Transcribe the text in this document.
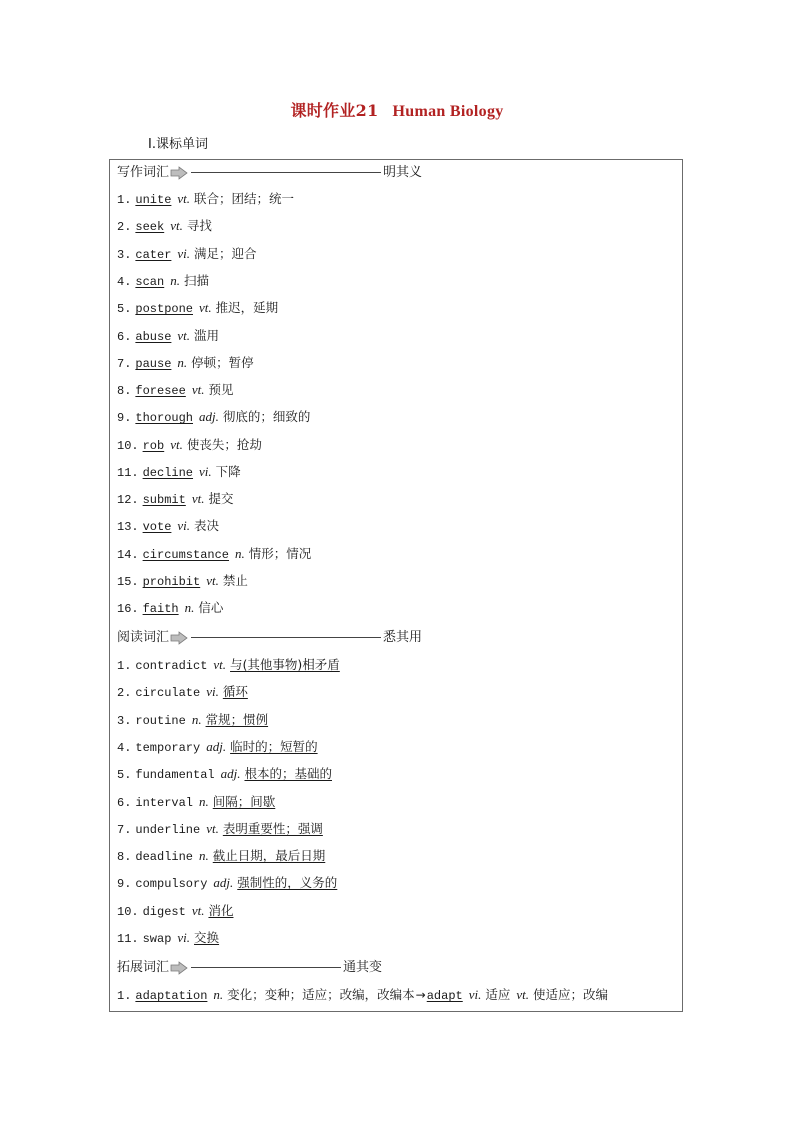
课时作业21 Human Biology
Ⅰ.课标单词
写作词汇	明其义
1. unite vt. 联合；团结；统一
2. seek vt. 寻找
3. cater vi. 满足；迎合
4. scan n. 扫描
5. postpone vt. 推迟，延期
6. abuse vt. 滥用
7. pause n. 停顿；暂停
8. foresee vt. 预见
9. thorough adj. 彻底的；细致的
10. rob vt. 使丧失；抢劫
11. decline vi. 下降
12. submit vt. 提交
13. vote vi. 表决
14. circumstance n. 情形；情况
15. prohibit vt. 禁止
16. faith n. 信心
阅读词汇	悉其用
1. contradict vt. 与(其他事物)相矛盾
2. circulate vi. 循环
3. routine n. 常规；惯例
4. temporary adj. 临时的；短暂的
5. fundamental adj. 根本的；基础的
6. interval n. 间隔；间歇
7. underline vt. 表明重要性；强调
8. deadline n. 截止日期，最后日期
9. compulsory adj. 强制性的，义务的
10. digest vt. 消化
11. swap vi. 交换
拓展词汇	通其变
1. adaptation n. 变化；变种；适应；改编，改编本→adapt vi. 适应 vt. 使适应；改编
